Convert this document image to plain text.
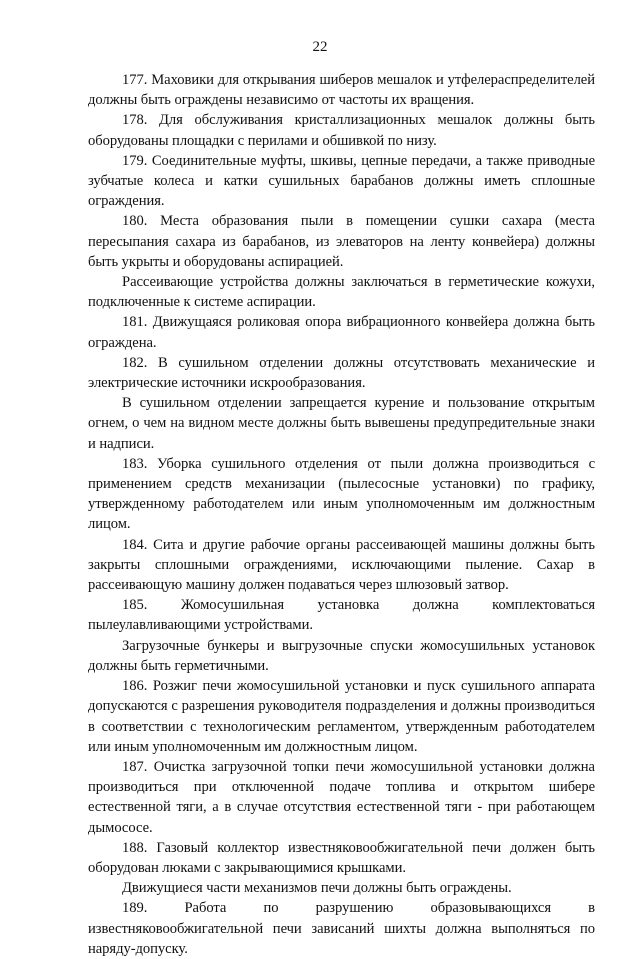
22

177. Маховики для открывания шиберов мешалок и утфелераспределителей должны быть ограждены независимо от частоты их вращения.

178. Для обслуживания кристаллизационных мешалок должны быть оборудованы площадки с перилами и обшивкой по низу.

179. Соединительные муфты, шкивы, цепные передачи, а также приводные зубчатые колеса и катки сушильных барабанов должны иметь сплошные ограждения.

180. Места образования пыли в помещении сушки сахара (места пересыпания сахара из барабанов, из элеваторов на ленту конвейера) должны быть укрыты и оборудованы аспирацией.

Рассеивающие устройства должны заключаться в герметические кожухи, подключенные к системе аспирации.

181. Движущаяся роликовая опора вибрационного конвейера должна быть ограждена.

182. В сушильном отделении должны отсутствовать механические и электрические источники искрообразования.

В сушильном отделении запрещается курение и пользование открытым огнем, о чем на видном месте должны быть вывешены предупредительные знаки и надписи.

183. Уборка сушильного отделения от пыли должна производиться с применением средств механизации (пылесосные установки) по графику, утвержденному работодателем или иным уполномоченным им должностным лицом.

184. Сита и другие рабочие органы рассеивающей машины должны быть закрыты сплошными ограждениями, исключающими пыление. Сахар в рассеивающую машину должен подаваться через шлюзовый затвор.

185. Жомосушильная установка должна комплектоваться пылеулавливающими устройствами.

Загрузочные бункеры и выгрузочные спуски жомосушильных установок должны быть герметичными.

186. Розжиг печи жомосушильной установки и пуск сушильного аппарата допускаются с разрешения руководителя подразделения и должны производиться в соответствии с технологическим регламентом, утвержденным работодателем или иным уполномоченным им должностным лицом.

187. Очистка загрузочной топки печи жомосушильной установки должна производиться при отключенной подаче топлива и открытом шибере естественной тяги, а в случае отсутствия естественной тяги - при работающем дымососе.

188. Газовый коллектор известняковообжигательной печи должен быть оборудован люками с закрывающимися крышками.

Движущиеся части механизмов печи должны быть ограждены.

189. Работа по разрушению образовывающихся в известняковообжигательной печи зависаний шихты должна выполняться по наряду-допуску.
